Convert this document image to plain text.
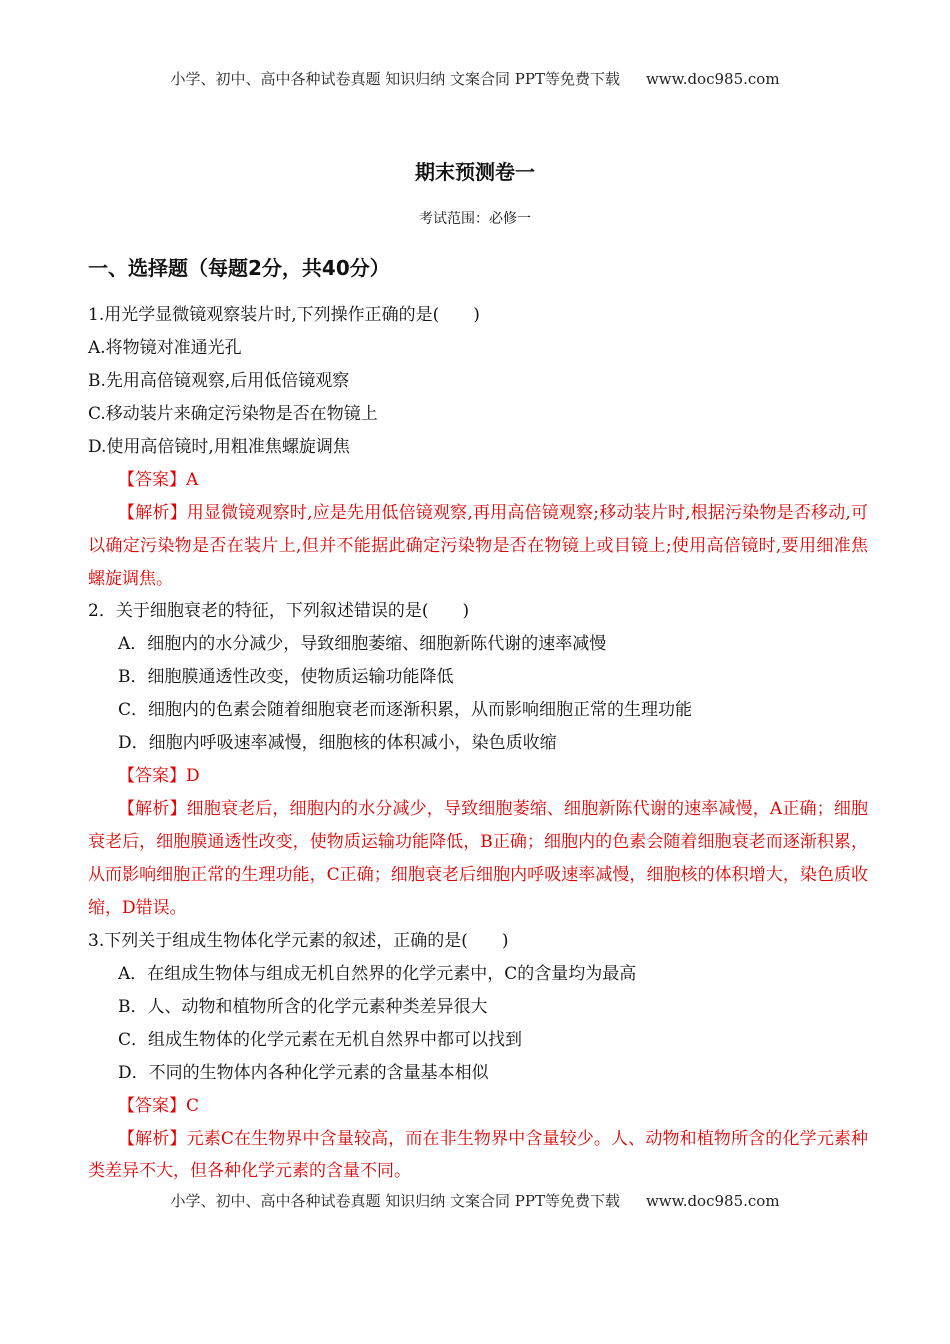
小学、初中、高中各种试卷真题 知识归纳 文案合同 PPT等免费下载 www.doc985.com
期末预测卷一
考试范围：必修一
一、选择题（每题2分，共40分）
1.用光学显微镜观察装片时,下列操作正确的是(　　)
A.将物镜对准通光孔
B.先用高倍镜观察,后用低倍镜观察
C.移动装片来确定污染物是否在物镜上
D.使用高倍镜时,用粗准焦螺旋调焦
【答案】A
【解析】用显微镜观察时,应是先用低倍镜观察,再用高倍镜观察;移动装片时,根据污染物是否移动,可以确定污染物是否在装片上,但并不能据此确定污染物是否在物镜上或目镜上;使用高倍镜时,要用细准焦螺旋调焦。
2．关于细胞衰老的特征，下列叙述错误的是(　　)
A．细胞内的水分减少，导致细胞萎缩、细胞新陈代谢的速率减慢
B．细胞膜通透性改变，使物质运输功能降低
C．细胞内的色素会随着细胞衰老而逐渐积累，从而影响细胞正常的生理功能
D．细胞内呼吸速率减慢，细胞核的体积减小，染色质收缩
【答案】D
【解析】细胞衰老后，细胞内的水分减少，导致细胞萎缩、细胞新陈代谢的速率减慢，A正确；细胞衰老后，细胞膜通透性改变，使物质运输功能降低，B正确；细胞内的色素会随着细胞衰老而逐渐积累，从而影响细胞正常的生理功能，C正确；细胞衰老后细胞内呼吸速率减慢，细胞核的体积增大，染色质收缩，D错误。
3.下列关于组成生物体化学元素的叙述，正确的是(　　)
A．在组成生物体与组成无机自然界的化学元素中，C的含量均为最高
B．人、动物和植物所含的化学元素种类差异很大
C．组成生物体的化学元素在无机自然界中都可以找到
D．不同的生物体内各种化学元素的含量基本相似
【答案】C
【解析】元素C在生物界中含量较高，而在非生物界中含量较少。人、动物和植物所含的化学元素种类差异不大，但各种化学元素的含量不同。
小学、初中、高中各种试卷真题 知识归纳 文案合同 PPT等免费下载 www.doc985.com
